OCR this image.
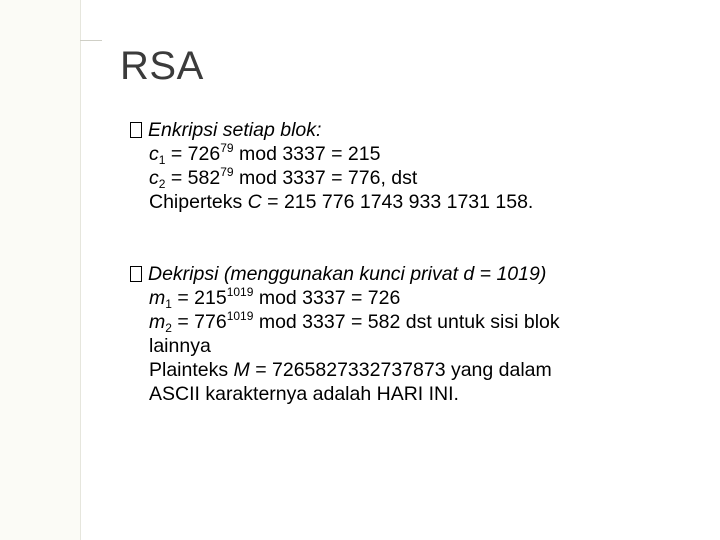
RSA
Enkripsi setiap blok:
$c_1 = 726^{79}$ mod 3337 = 215
$c_2 = 582^{79}$ mod 3337 = 776, dst
Chiperteks C = 215 776 1743 933 1731 158.
Dekripsi (menggunakan kunci privat d = 1019)
$m_1 = 215^{1019}$ mod 3337 = 726
$m_2 = 776^{1019}$ mod 3337 = 582 dst untuk sisi blok
lainnya
Plainteks M = 7265827332737873 yang dalam
ASCII karakternya adalah HARI INI.
